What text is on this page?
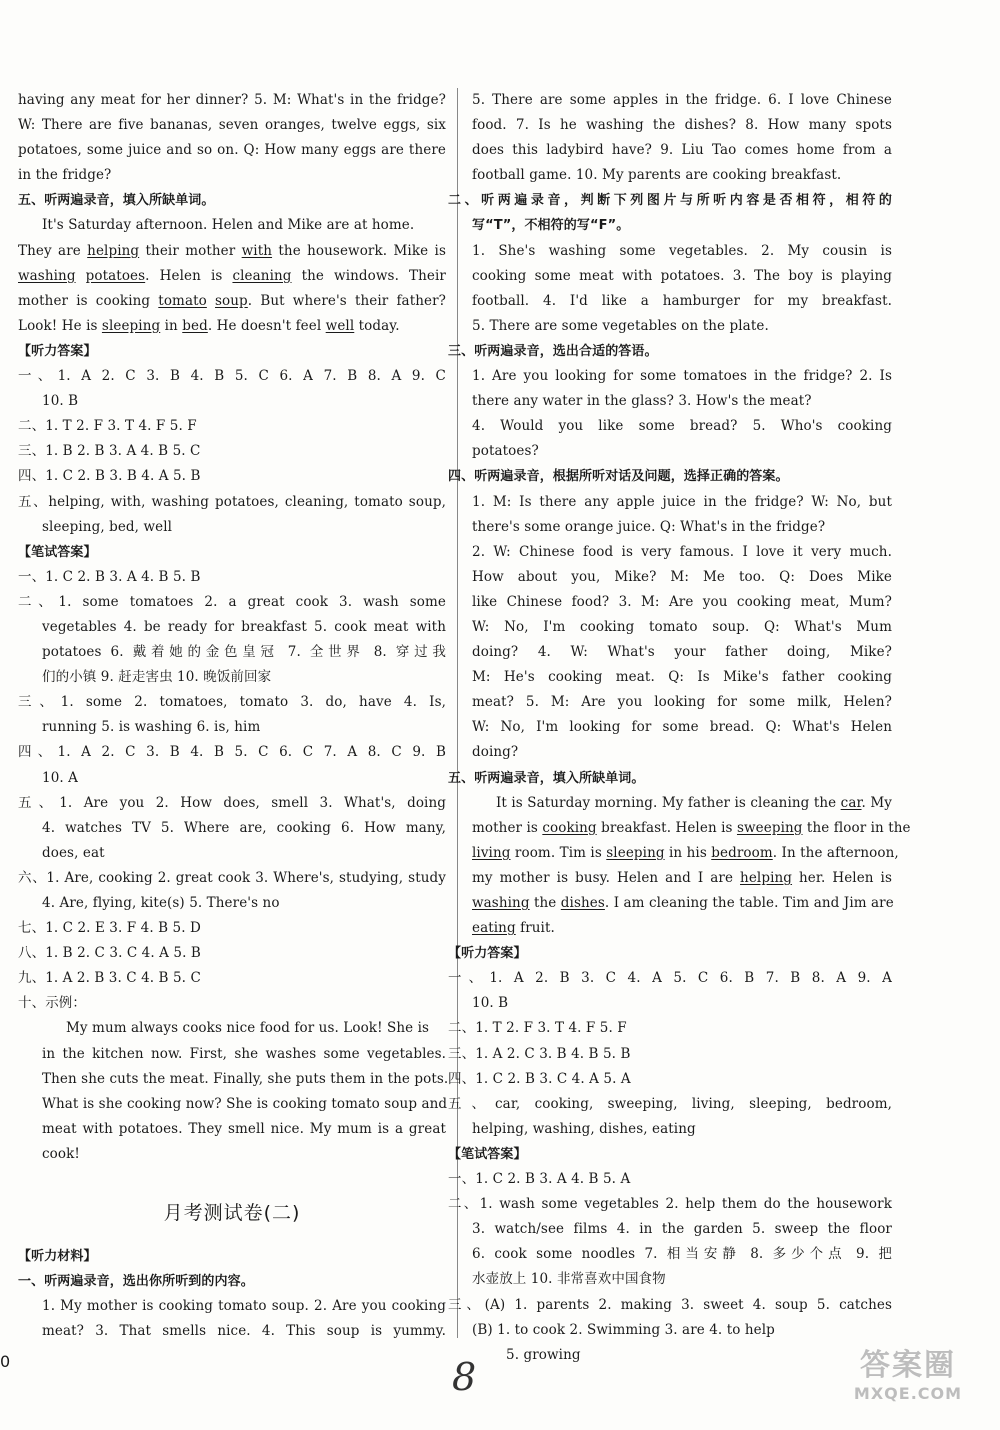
having any meat for her dinner? 5. M: What's in the fridge?
W: There are five bananas, seven oranges, twelve eggs, six
potatoes, some juice and so on. Q: How many eggs are there
in the fridge?
五、听两遍录音，填入所缺单词。
It's Saturday afternoon. Helen and Mike are at home.
They are helping their mother with the housework. Mike is
washing potatoes. Helen is cleaning the windows. Their
mother is cooking tomato soup. But where's their father?
Look! He is sleeping in bed. He doesn't feel well today.
【听力答案】
一、1. A 2. C 3. B 4. B 5. C 6. A 7. B 8. A 9. C
10. B
二、1. T 2. F 3. T 4. F 5. F
三、1. B 2. B 3. A 4. B 5. C
四、1. C 2. B 3. B 4. A 5. B
五、helping, with, washing potatoes, cleaning, tomato soup,
sleeping, bed, well
【笔试答案】
一、1. C 2. B 3. A 4. B 5. B
二、1. some tomatoes 2. a great cook 3. wash some
vegetables 4. be ready for breakfast 5. cook meat with
potatoes 6. 戴着她的金色皇冠 7. 全世界 8. 穿过我
们的小镇 9. 赶走害虫 10. 晚饭前回家
三、1. some 2. tomatoes, tomato 3. do, have 4. Is,
running 5. is washing 6. is, him
四、1. A 2. C 3. B 4. B 5. C 6. C 7. A 8. C 9. B
10. A
五、1. Are you 2. How does, smell 3. What's, doing
4. watches TV 5. Where are, cooking 6. How many,
does, eat
六、1. Are, cooking 2. great cook 3. Where's, studying, study
4. Are, flying, kite(s) 5. There's no
七、1. C 2. E 3. F 4. B 5. D
八、1. B 2. C 3. C 4. A 5. B
九、1. A 2. B 3. C 4. B 5. C
十、示例：
My mum always cooks nice food for us. Look! She is
in the kitchen now. First, she washes some vegetables.
Then she cuts the meat. Finally, she puts them in the pots.
What is she cooking now? She is cooking tomato soup and
meat with potatoes. They smell nice. My mum is a great
cook!
月考测试卷(二)
【听力材料】
一、听两遍录音，选出你所听到的内容。
1. My mother is cooking tomato soup. 2. Are you cooking
meat? 3. That smells nice. 4. This soup is yummy.
5. There are some apples in the fridge. 6. I love Chinese
food. 7. Is he washing the dishes? 8. How many spots
does this ladybird have? 9. Liu Tao comes home from a
football game. 10. My parents are cooking breakfast.
二、听两遍录音，判断下列图片与所听内容是否相符，相符的
写“T”，不相符的写“F”。
1. She's washing some vegetables. 2. My cousin is
cooking some meat with potatoes. 3. The boy is playing
football. 4. I'd like a hamburger for my breakfast.
5. There are some vegetables on the plate.
三、听两遍录音，选出合适的答语。
1. Are you looking for some tomatoes in the fridge? 2. Is
there any water in the glass? 3. How's the meat?
4. Would you like some bread? 5. Who's cooking
potatoes?
四、听两遍录音，根据所听对话及问题，选择正确的答案。
1. M: Is there any apple juice in the fridge? W: No, but
there's some orange juice. Q: What's in the fridge?
2. W: Chinese food is very famous. I love it very much.
How about you, Mike? M: Me too. Q: Does Mike
like Chinese food? 3. M: Are you cooking meat, Mum?
W: No, I'm cooking tomato soup. Q: What's Mum
doing? 4. W: What's your father doing, Mike?
M: He's cooking meat. Q: Is Mike's father cooking
meat? 5. M: Are you looking for some milk, Helen?
W: No, I'm looking for some bread. Q: What's Helen
doing?
五、听两遍录音，填入所缺单词。
It is Saturday morning. My father is cleaning the car. My
mother is cooking breakfast. Helen is sweeping the floor in the
living room. Tim is sleeping in his bedroom. In the afternoon,
my mother is busy. Helen and I are helping her. Helen is
washing the dishes. I am cleaning the table. Tim and Jim are
eating fruit.
【听力答案】
一、1. A 2. B 3. C 4. A 5. C 6. B 7. B 8. A 9. A
10. B
二、1. T 2. F 3. T 4. F 5. F
三、1. A 2. C 3. B 4. B 5. B
四、1. C 2. B 3. C 4. A 5. A
五、car, cooking, sweeping, living, sleeping, bedroom,
helping, washing, dishes, eating
【笔试答案】
一、1. C 2. B 3. A 4. B 5. A
二、1. wash some vegetables 2. help them do the housework
3. watch/see films 4. in the garden 5. sweep the floor
6. cook some noodles 7. 相当安静 8. 多少个点 9. 把
水壶放上 10. 非常喜欢中国食物
三、(A) 1. parents 2. making 3. sweet 4. soup 5. catches
(B) 1. to cook 2. Swimming 3. are 4. to help
5. growing
0	8	答案圈
MXQE.COM
